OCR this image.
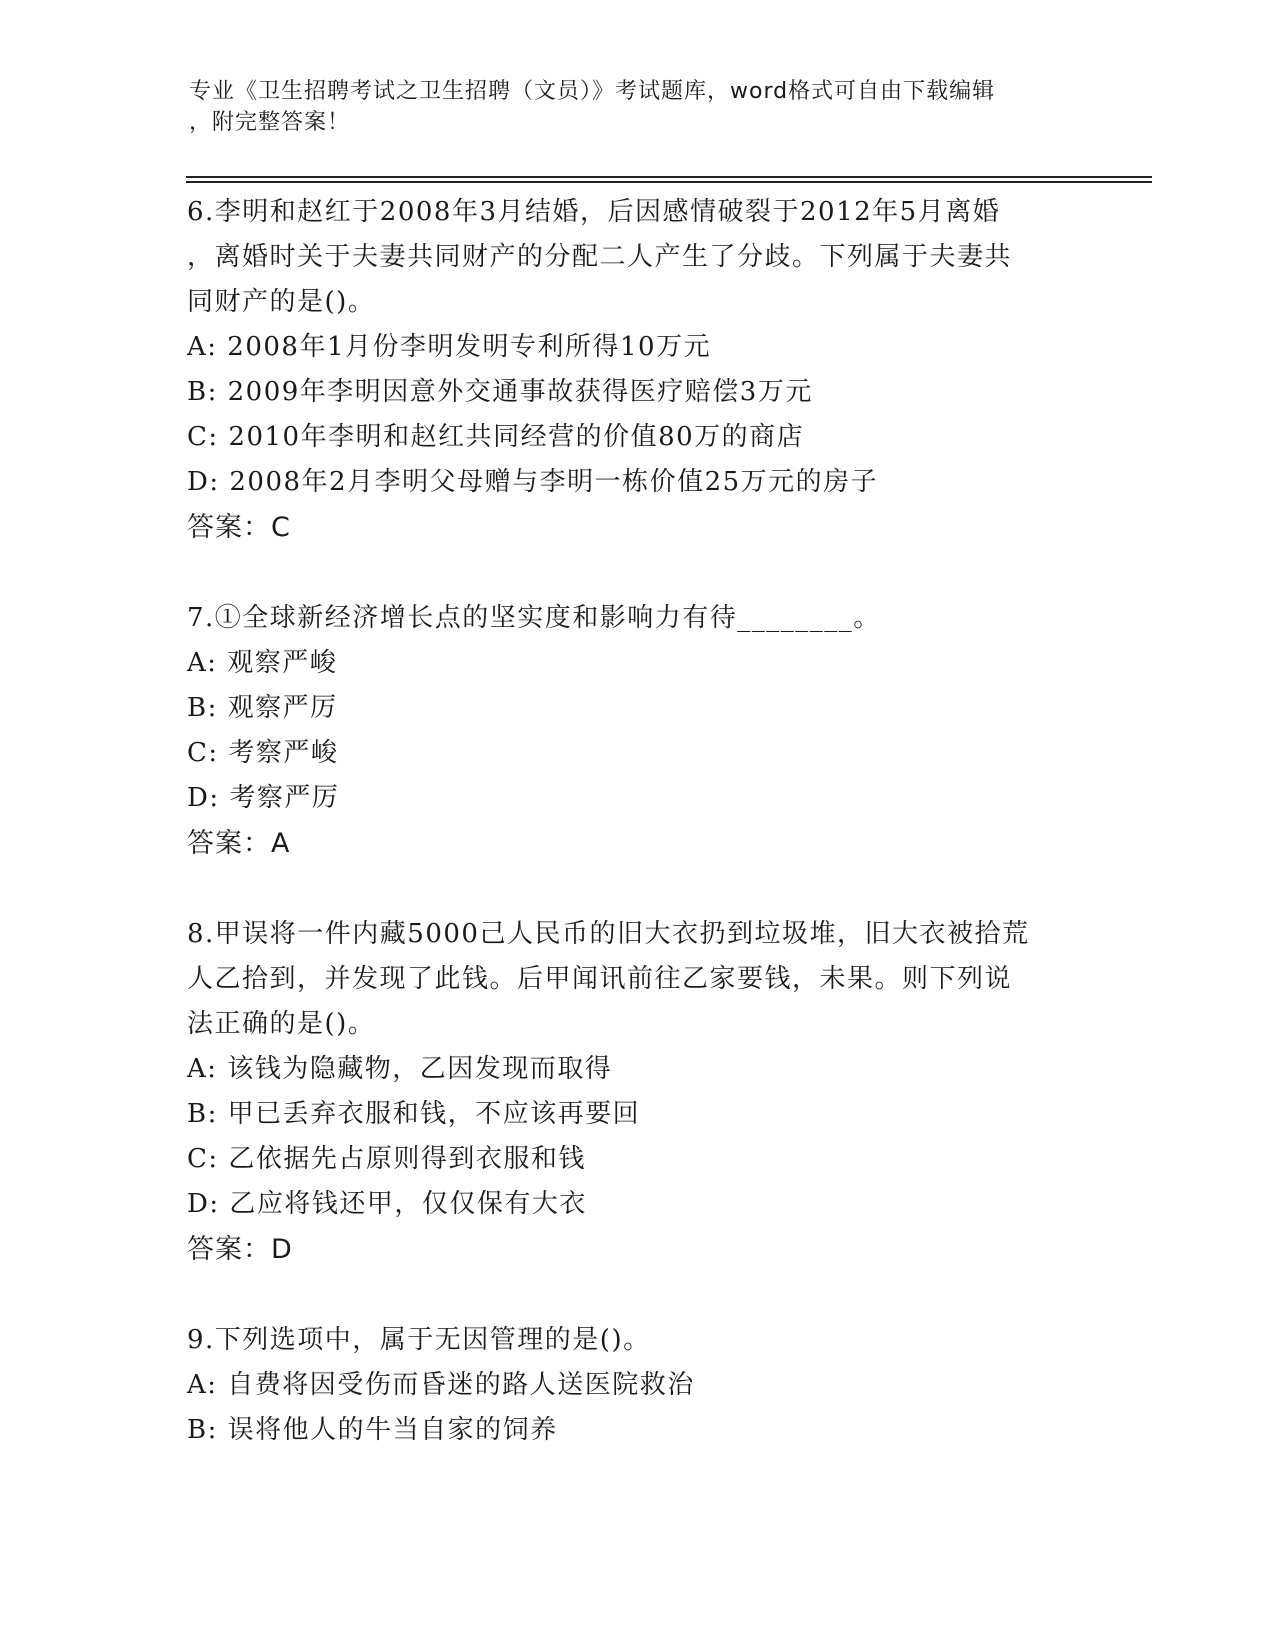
专业《卫生招聘考试之卫生招聘（文员）》考试题库，word格式可自由下载编辑
，附完整答案！
6.李明和赵红于2008年3月结婚，后因感情破裂于2012年5月离婚
，离婚时关于夫妻共同财产的分配二人产生了分歧。下列属于夫妻共
同财产的是()。
A: 2008年1月份李明发明专利所得10万元
B: 2009年李明因意外交通事故获得医疗赔偿3万元
C: 2010年李明和赵红共同经营的价值80万的商店
D: 2008年2月李明父母赠与李明一栋价值25万元的房子
答案：C
7.①全球新经济增长点的坚实度和影响力有待________。
A: 观察严峻
B: 观察严厉
C: 考察严峻
D: 考察严厉
答案：A
8.甲误将一件内藏5000己人民币的旧大衣扔到垃圾堆，旧大衣被拾荒
人乙拾到，并发现了此钱。后甲闻讯前往乙家要钱，未果。则下列说
法正确的是()。
A: 该钱为隐藏物，乙因发现而取得
B: 甲已丢弃衣服和钱，不应该再要回
C: 乙依据先占原则得到衣服和钱
D: 乙应将钱还甲，仅仅保有大衣
答案：D
9.下列选项中，属于无因管理的是()。
A: 自费将因受伤而昏迷的路人送医院救治
B: 误将他人的牛当自家的饲养
